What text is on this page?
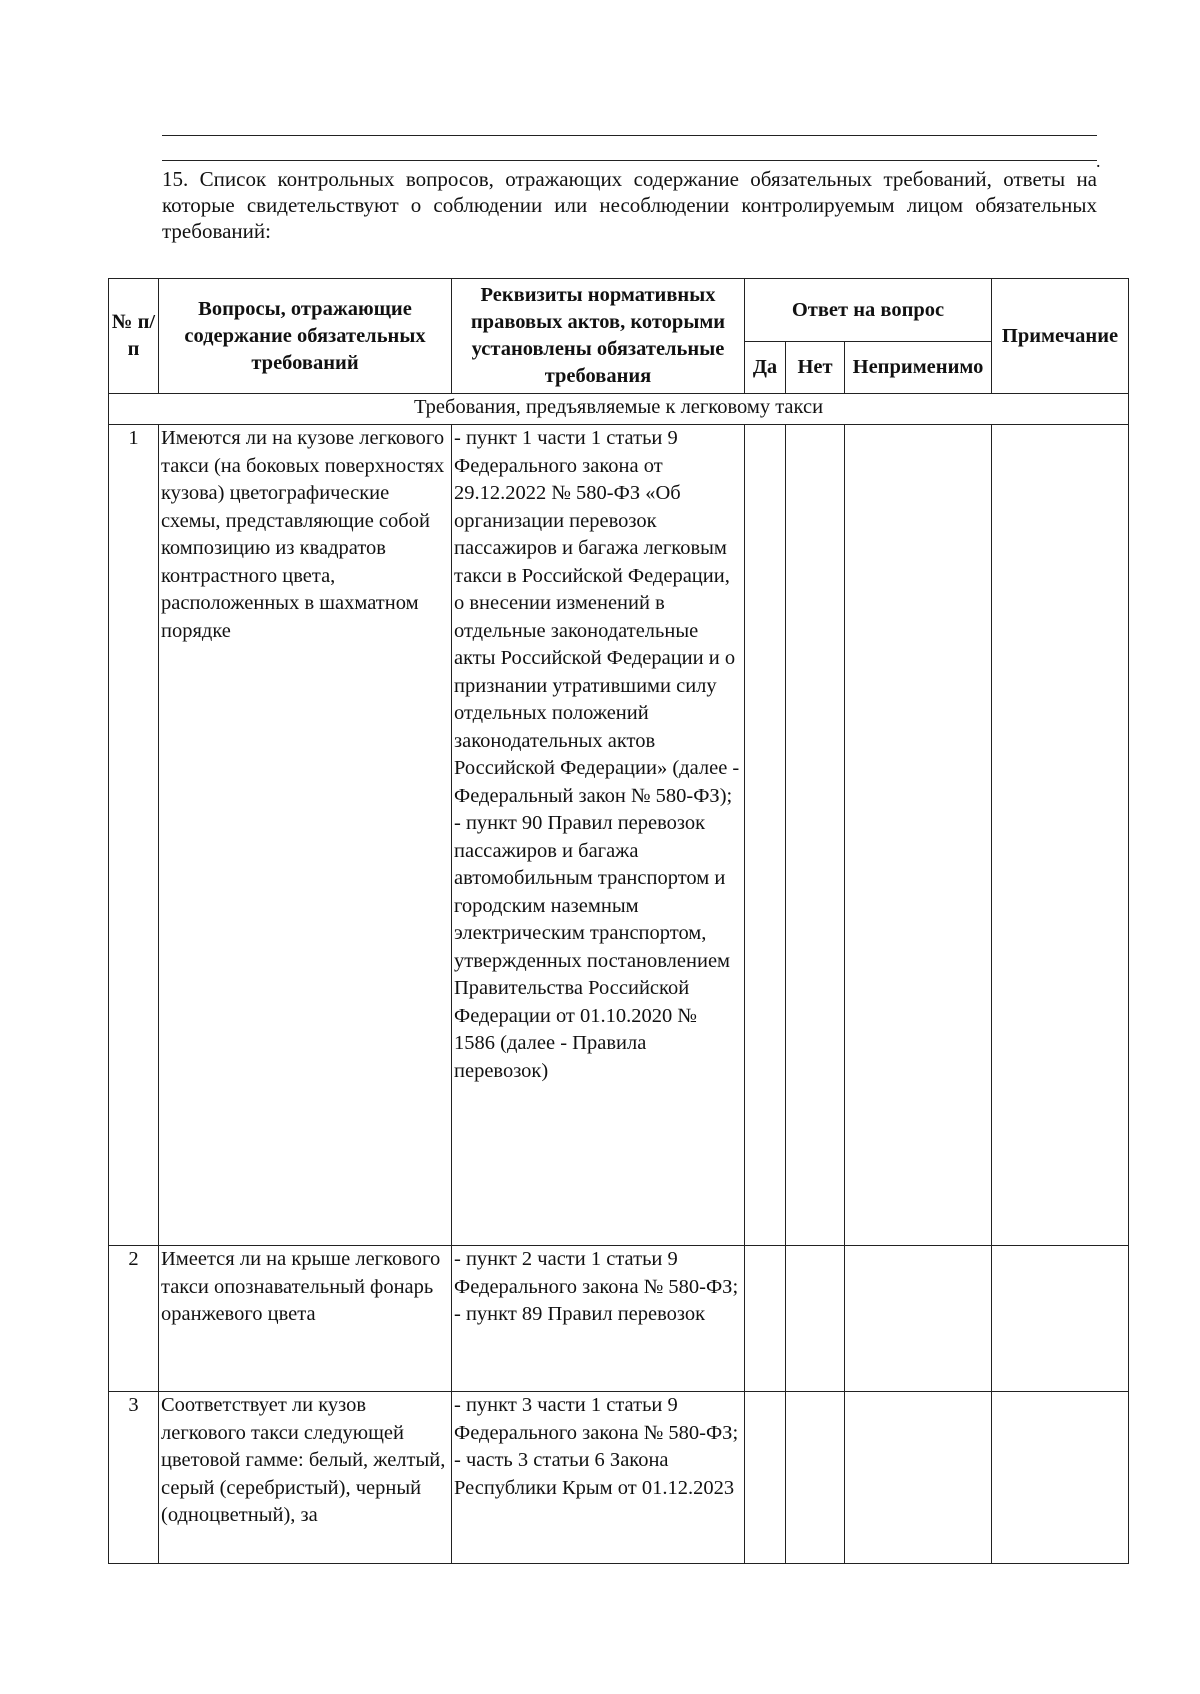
.

15. Список контрольных вопросов, отражающих содержание обязательных требований, ответы на которые свидетельствуют о соблюдении или несоблюдении контролируемым лицом обязательных требований:

№ п/п	Вопросы, отражающие содержание обязательных требований	Реквизиты нормативных правовых актов, которыми установлены обязательные требования	Ответ на вопрос			Примечание
			Да	Нет	Неприменимо	
Требования, предъявляемые к легковому такси						
1	Имеются ли на кузове легкового такси (на боковых поверхностях кузова) цветографические схемы, представляющие собой композицию из квадратов контрастного цвета, расположенных в шахматном порядке	- пункт 1 части 1 статьи 9 Федерального закона от 29.12.2022 № 580-ФЗ «Об организации перевозок пассажиров и багажа легковым такси в Российской Федерации, о внесении изменений в отдельные законодательные акты Российской Федерации и о признании утратившими силу отдельных положений законодательных актов Российской Федерации» (далее - Федеральный закон № 580-ФЗ);
- пункт 90 Правил перевозок пассажиров и багажа автомобильным транспортом и городским наземным электрическим транспортом, утвержденных постановлением Правительства Российской Федерации от 01.10.2020 № 1586 (далее - Правила перевозок)				

2	Имеется ли на крыше легкового такси опознавательный фонарь оранжевого цвета	- пункт 2 части 1 статьи 9 Федерального закона № 580-ФЗ;
- пункт 89 Правил перевозок				

3	Соответствует ли кузов легкового такси следующей цветовой гамме: белый, желтый, серый (серебристый), черный (одноцветный), за	- пункт 3 части 1 статьи 9 Федерального закона № 580-ФЗ;
- часть 3 статьи 6 Закона Республики Крым от 01.12.2023				
